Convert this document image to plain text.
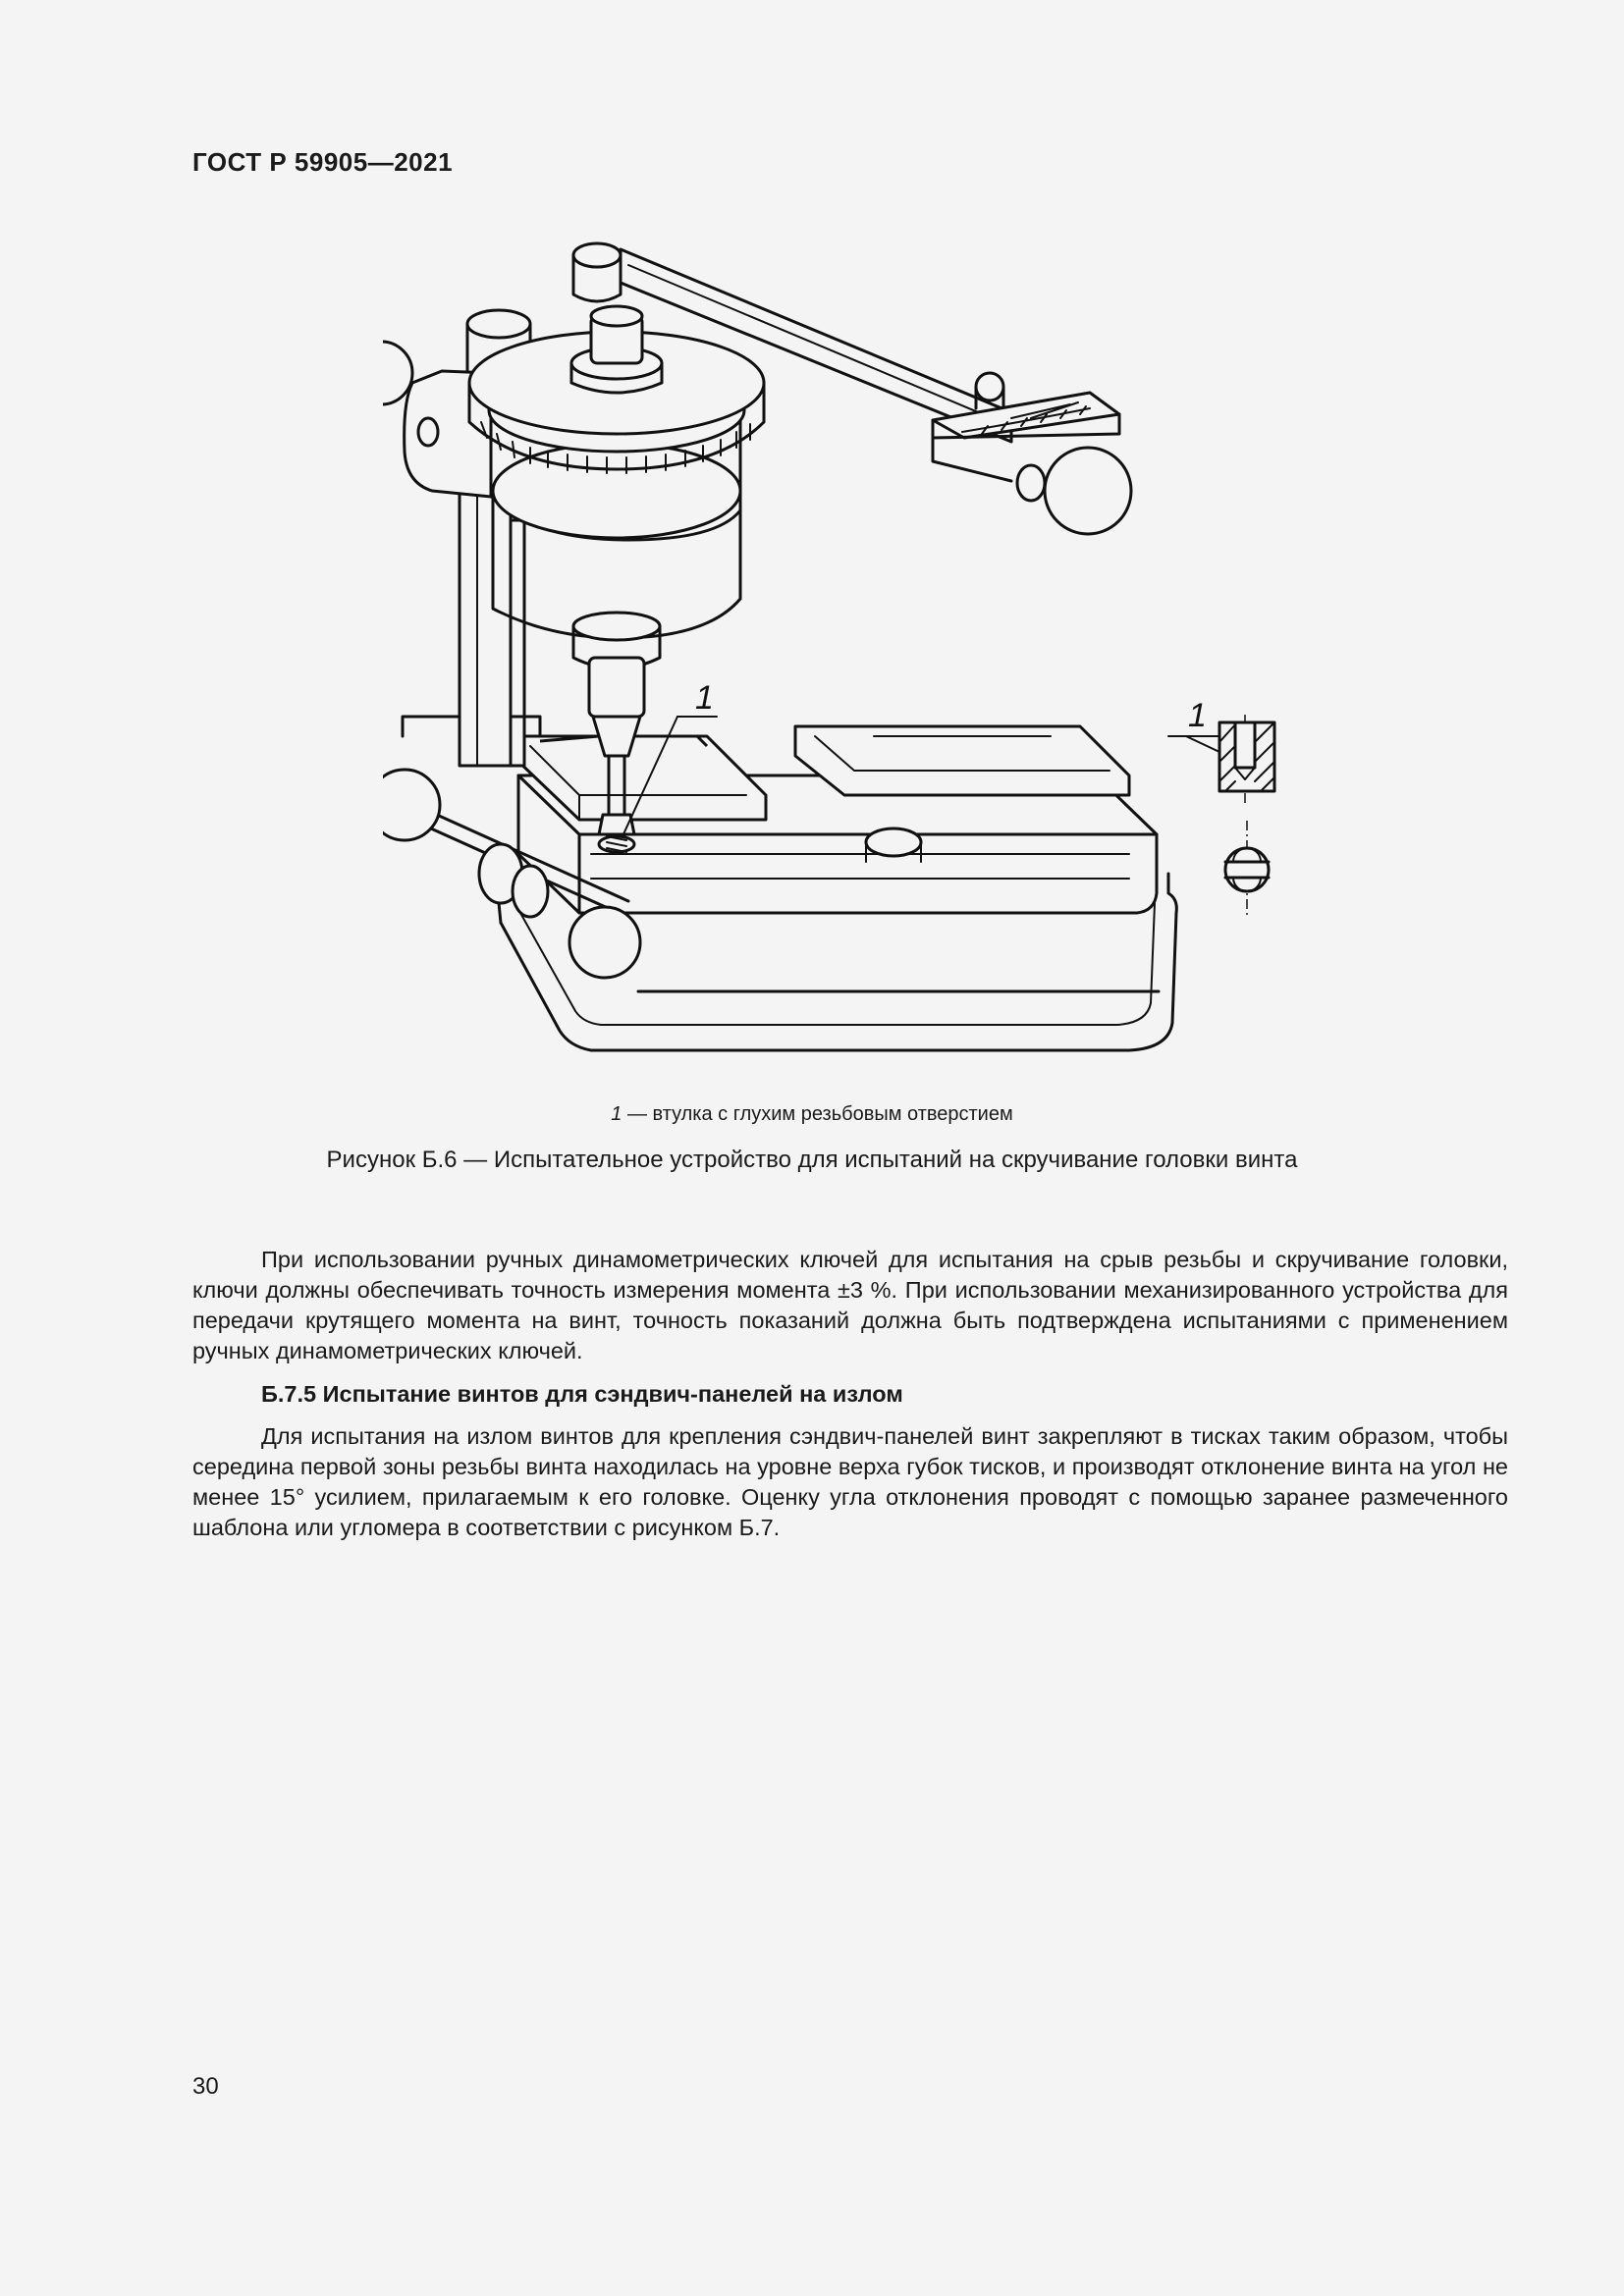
ГОСТ Р 59905—2021
1	1
1 — втулка с глухим резьбовым отверстием
Рисунок Б.6 — Испытательное устройство для испытаний на скручивание головки винта

При использовании ручных динамометрических ключей для испытания на срыв резьбы и скручивание головки, ключи должны обеспечивать точность измерения момента ±3 %. При использовании механизированного устройства для передачи крутящего момента на винт, точность показаний должна быть подтверждена испытаниями с применением ручных динамометрических ключей.

Б.7.5 Испытание винтов для сэндвич-панелей на излом

Для испытания на излом винтов для крепления сэндвич-панелей винт закрепляют в тисках таким образом, чтобы середина первой зоны резьбы винта находилась на уровне верха губок тисков, и производят отклонение винта на угол не менее 15° усилием, прилагаемым к его головке. Оценку угла отклонения проводят с помощью заранее размеченного шаблона или угломера в соответствии с рисунком Б.7.

30
